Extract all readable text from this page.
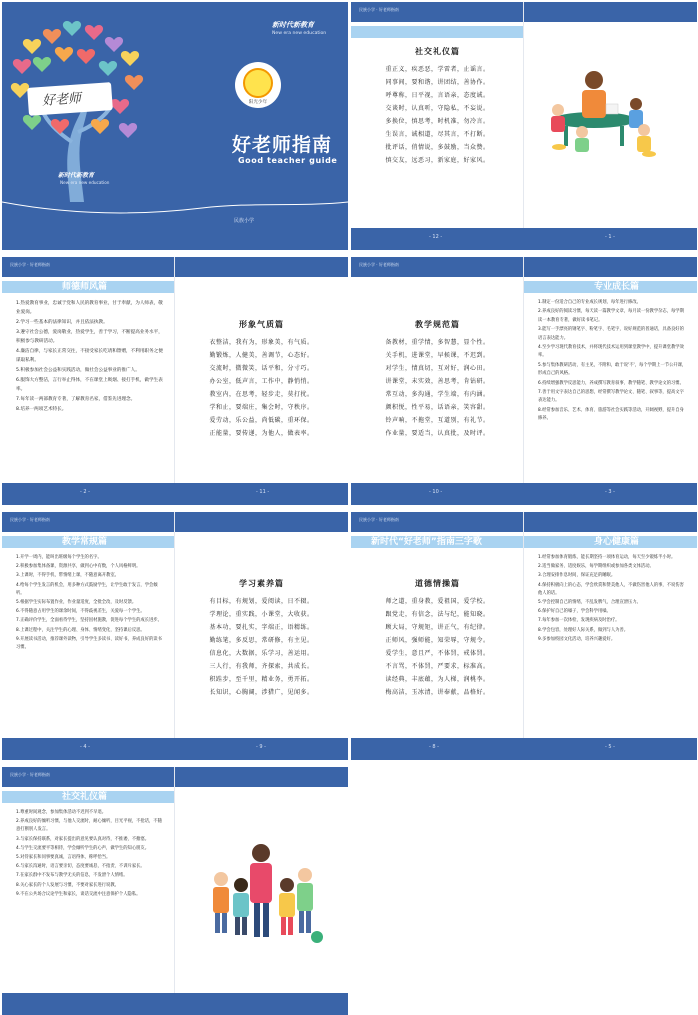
好老师
新时代新教育
New era new education
新时代新教育
New era new education
阳光少年
好老师指南
Good teacher guide
民族小学
民族小学 · 好老师指南
社交礼仪篇
重正义，疾恶恶，学雷者，止谣言。
同事间，要和谐，讲团结，善协作。
呼尊称，日平视，言语亲，态度诚。
交谈时，认真听，守隐私，不妄说。
多换位，慎思考，时机准，勿冷言。
生误言，诚相道，尽其言，不打断。
批评话，俏情说，多鼓励，当众赞。
慎交友，远恶习，新家庭，好家风。
- 12 -	- 1 -
民族小学 · 好老师指南
师德师风篇

1.热爱教育事业，忠诚于党和人民的教育事业，甘于奉献，为人师表，敬业爱岗。

2.学习一些基本的法律知识，并且依法执教。

3.遵守社会公德，爱岗敬业，热爱学生，善于学习，不断提高业务水平，积极参与教研活动。

4.廉洁自律，与家长正常交往，不接受家长吃请和馈赠，不利用职务之便谋取私利。

5.积极参加社会公益和实践活动，做社会公益事业的推广人。

6.服饰大方整洁，言行举止得体，不在课堂上吸烟、接打手机，做学生表率。

7.每年读一两部教育专著，了解教育名家，借鉴先进理念。

8.培养一两项艺术特长。

形象气质篇
衣整洁，我有为，形象美，有气质。
勤锻炼，人健美，善调节，心态好。
交流时，微微笑，话平和，分寸巧。
办公室，低声言，工作中，静悄悄。
教室内，在思考，轻步走，莫打扰。
学和止，要端庄，集会时，守秩序。
爱劳动，乐公益，尚低碳，重环保。
正能量，要传递，为他人，做表率。
- 2 -	- 11 -
民族小学 · 好老师指南
专业成长篇
教学规范篇
备教材，重学情，多智慧，显个性。
关手机，进课堂，早候课，不迟到。
对学生，情真切，互对好，润心田。
讲课堂，未实效，善思考，肯钻研。
常互动，多沟通，学生端，有内涵。
颜积悦，性平易，话语亲，笑容甜。
铃声响，不拖堂，互道别，有礼节。
作业量，要适当，认真批，及时评。

1.制定一份适合自己的专业成长规划，每年进行修改。

2.养成良好的阅读习惯，每天读一篇教学文章，每月读一份教学杂志，每学期读一本教育专著，做好读书笔记。

3.能写一手漂亮的钢笔字、粉笔字、毛笔字，说好规范的普通话，具备良好的语言表达能力。

4.至少学习现代教育技术，并将现代技术运用到课堂教学中，提升课堂教学效率。

5.参与集体教研活动，有主见，不附和，敢于说'不'，每个学期上一节公开课，形成自己的风格。

6.持续增强教学反思能力，养成撰写教育叙事、教学随笔、教学论文的习惯。

7.善于用文字表达自己的思想，经常撰写教学论文、随笔、叙事等，提高文字表达能力。

8.经常参加音乐、艺术、体育、旅游等社会实践等活动，开阔视野，提升自身修养。

- 10 -	- 3 -
民族小学 · 好老师指南
教学常规篇

1.开学一周内，能叫出班级每个学生的名字。

2.积极参加集体备课，资源共享，做到心中有数，个人风格鲜明。

3.上课时，不得手机，带情绪上课，不随意离开教室。

4.给每个学生发言的机会，用多种方式鼓励学生，让学生敢于发言，学会倾听。

5.根据学生实际布置作业，作业量适度，全批全改，及时反馈。

6.不得随意占用学生的课余时间，不得歧视差生，关爱每一个学生。

7.正确评价学生，全面看待学生，坚持因材施教，促进每个学生的成长进步。

8.上课过程中，关注学生的心理、身体、情绪变化，坚持课后反思。

9.开展读书活动，推荐课外读物，引导学生多读书、读好书，养成良好的读书习惯。

学习素养篇
有目标，有规划，爱阅读，日不辍。
学理论，重实践，小课堂，大收获。
基本功，要扎实，字端正，语精练。
勤练笔，多反思，常研修，有主见。
信息化，大数据，乐学习，善运用。
三人行，有我师，齐探索，共成长。
积跬步，至千里，精业务，勇开拓。
长知识，心胸阔，涉猎广，见闻多。
- 4 -	- 9 -
民族小学 · 好老师指南
新时代“好老师”指南三字歌	身心健康篇
道德情操篇
师之道，重身教，爱祖国，爱学校。
跟党走，有信念，法与纪，能知晓。
顾大局，守规矩，讲正气，有纪律。
正师风，强师能，知荣辱，守规令。
爱学生，意且严，不体罚，戒体罚。
不言骂，不体罚，严要求，标准高。
读经典，丰底蕴，为人梯，润桃李。
梅高洁，玉冰清，讲奉献，品格好。

1.经常参加体育锻炼，能长期坚持一项体育运动，每天至少锻炼半小时。

2.适当做家务、适度娱乐，每学期组织或参加各类文体活动。

3.合理安排作息时间，保证充足的睡眠。

4.保持积极向上的心态，学会欣赏和赞美他人，不做伤害他人的事，不说伤害他人的话。

5.学会控制自己的情绪，不乱发脾气，合理宣泄压力。

6.保护好自己的嗓子，学会科学用嗓。

7.每年参加一次体检，发现疾病及时治疗。

8.学会包容，处理好人际关系，做到与人为善。

9.多参加校园文化活动，培养兴趣爱好。

- 8 -	- 5 -
民族小学 · 好老师指南
社交礼仪篇

1.尊重时间观念，参加集体活动不迟到不早退。

2.养成良好的倾听习惯，与他人交流时，耐心倾听，目光平视，不抢话，不随意打断别人发言。

3.与家长保持联系，对家长提出的意见要认真对待，不推诿，不搪塞。

4.与学生交流要平等相待，学会倾听学生的心声，做学生的知心朋友。

5.对待家长和同事要真诚，言语得体，称呼恰当。

6.与家长沟通时，语言要亲切，态度要诚恳，不指责、不训斥家长。

7.在家长群中不发布与教学无关的信息，不发泄个人情绪。

8.关心家长的个人发展与习惯，不要对家长进行说教。

9.不在公共场合议论学生和家长，谈话交流中注意保护个人隐私。
